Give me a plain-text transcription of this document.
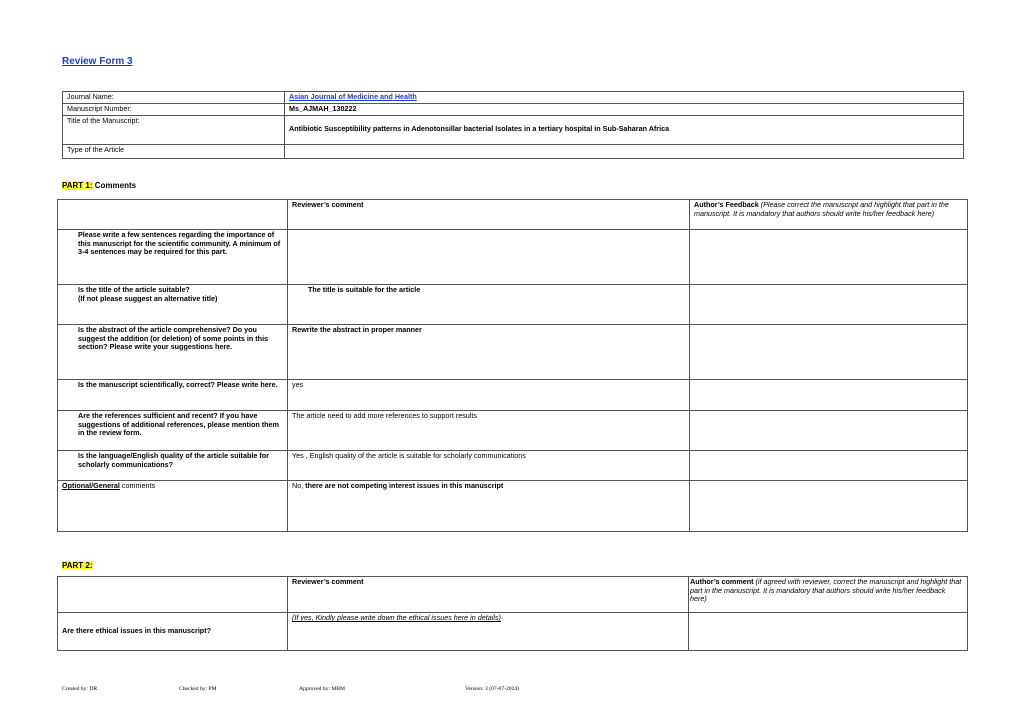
Review Form 3
Journal Name:	Asian Journal of Medicine and Health
Manuscript Number:	Ms_AJMAH_130222
Title of the Manuscript:	Antibiotic Susceptibility patterns in Adenotonsillar bacterial Isolates in a tertiary hospital in Sub-Saharan Africa
Type of the Article	
PART 1: Comments
	Reviewer’s comment	Author’s Feedback (Please correct the manuscript and highlight that part in the manuscript. It is mandatory that authors should write his/her feedback here)
Please write a few sentences regarding the importance of this manuscript for the scientific community. A minimum of 3-4 sentences may be required for this part.		
Is the title of the article suitable?
(If not please suggest an alternative title)	The title is suitable for the article	
Is the abstract of the article comprehensive? Do you suggest the addition (or deletion) of some points in this section? Please write your suggestions here.	Rewrite the abstract in proper manner	
Is the manuscript scientifically, correct? Please write here.	yes	
Are the references sufficient and recent? If you have suggestions of additional references, please mention them in the review form.	The article need to add more references to support results	
Is the language/English quality of the article suitable for scholarly communications?	Yes , English quality of the article is suitable for scholarly communications	
Optional/General comments	No, there are not competing interest issues in this manuscript	
PART 2:
	Reviewer’s comment	Author’s comment (if agreed with reviewer, correct the manuscript and highlight that part in the manuscript. It is mandatory that authors should write his/her feedback here)
Are there ethical issues in this manuscript?	(If yes, Kindly please write down the ethical issues here in details)	
Created by: DR	Checked by: PM	Approved by: MBM	Version: 3 (07-07-2024)
